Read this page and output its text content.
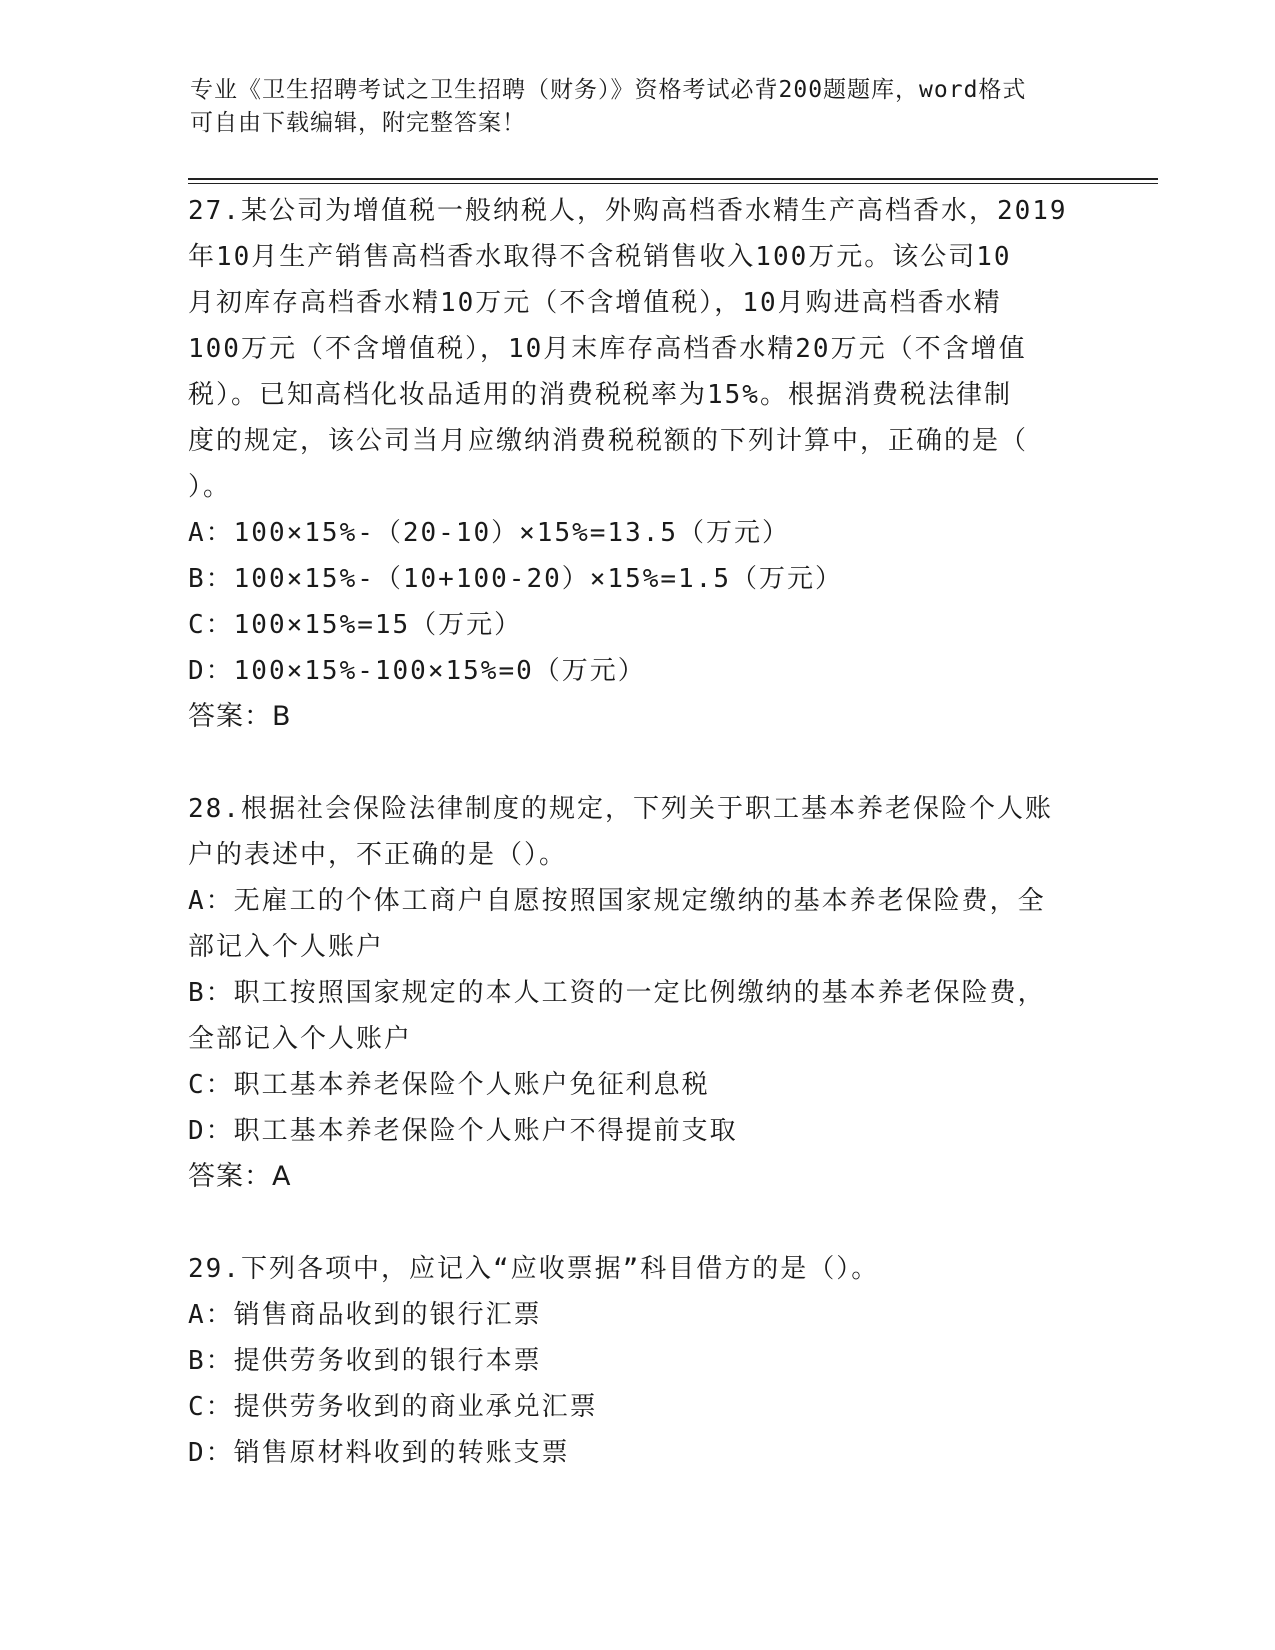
专业《卫生招聘考试之卫生招聘（财务）》资格考试必背200题题库，word格式
可自由下载编辑，附完整答案！

27.某公司为增值税一般纳税人，外购高档香水精生产高档香水，2019

年10月生产销售高档香水取得不含税销售收入100万元。该公司10

月初库存高档香水精10万元（不含增值税），10月购进高档香水精

100万元（不含增值税），10月末库存高档香水精20万元（不含增值

税）。已知高档化妆品适用的消费税税率为15%。根据消费税法律制

度的规定，该公司当月应缴纳消费税税额的下列计算中，正确的是（

）。

A：100×15%-（20-10）×15%=13.5（万元）

B：100×15%-（10+100-20）×15%=1.5（万元）

C：100×15%=15（万元）

D：100×15%-100×15%=0（万元）

答案：B

28.根据社会保险法律制度的规定，下列关于职工基本养老保险个人账

户的表述中，不正确的是（）。

A：无雇工的个体工商户自愿按照国家规定缴纳的基本养老保险费，全

部记入个人账户

B：职工按照国家规定的本人工资的一定比例缴纳的基本养老保险费，

全部记入个人账户

C：职工基本养老保险个人账户免征利息税

D：职工基本养老保险个人账户不得提前支取

答案：A

29.下列各项中，应记入“应收票据”科目借方的是（）。

A：销售商品收到的银行汇票

B：提供劳务收到的银行本票

C：提供劳务收到的商业承兑汇票

D：销售原材料收到的转账支票
